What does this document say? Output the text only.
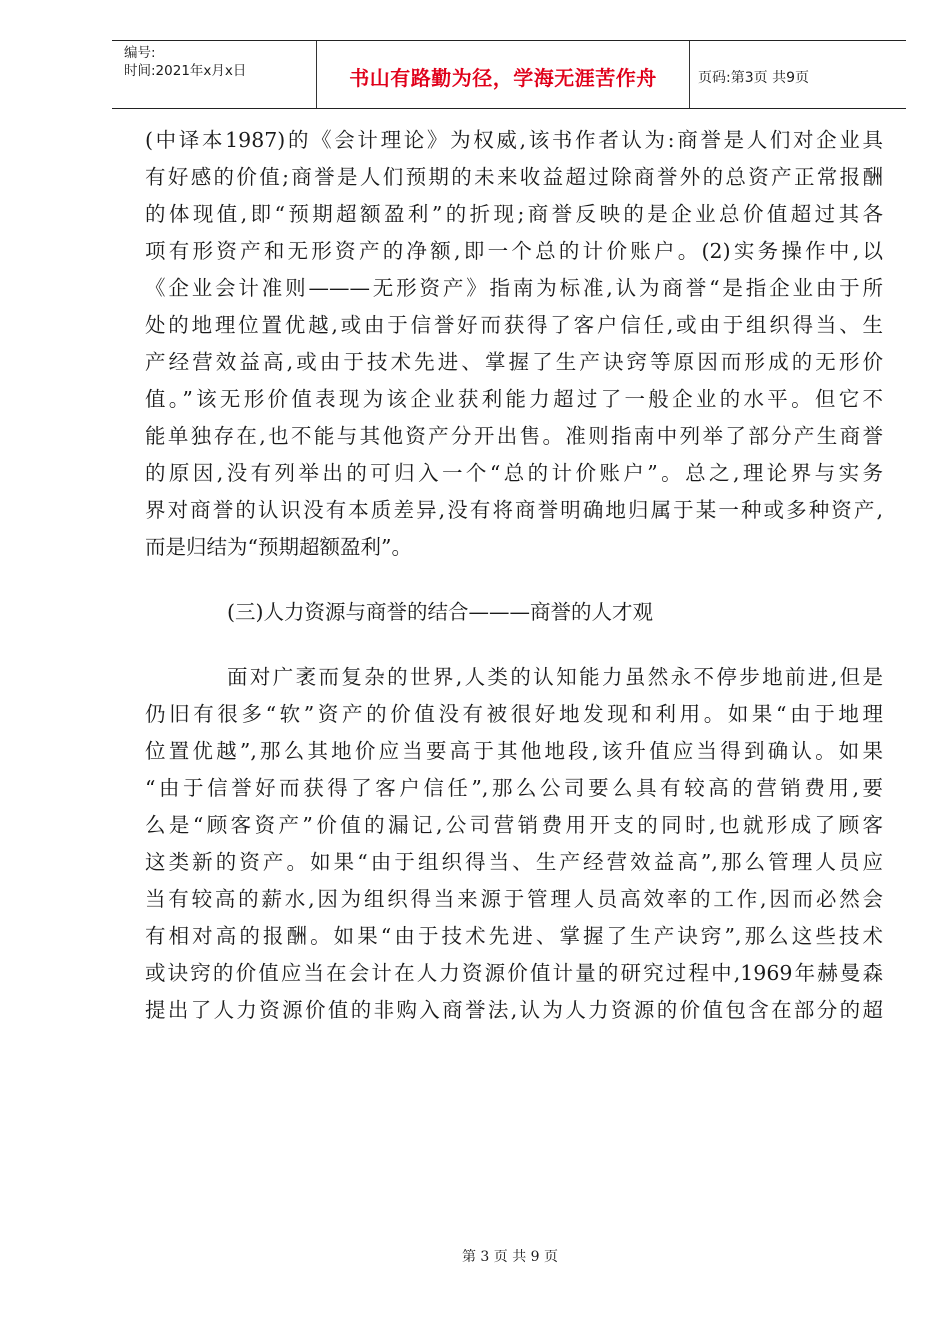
编号:
时间:2021年x月x日	书山有路勤为径，学海无涯苦作舟	页码:第3页 共9页
(中译本1987)的《会计理论》为权威,该书作者认为:商誉是人们对企业具
有好感的价值;商誉是人们预期的未来收益超过除商誉外的总资产正常报酬
的体现值,即“预期超额盈利”的折现;商誉反映的是企业总价值超过其各
项有形资产和无形资产的净额,即一个总的计价账户。(2)实务操作中,以
《企业会计准则———无形资产》指南为标准,认为商誉“是指企业由于所
处的地理位置优越,或由于信誉好而获得了客户信任,或由于组织得当、生
产经营效益高,或由于技术先进、掌握了生产诀窍等原因而形成的无形价
值。”该无形价值表现为该企业获利能力超过了一般企业的水平。但它不
能单独存在,也不能与其他资产分开出售。准则指南中列举了部分产生商誉
的原因,没有列举出的可归入一个“总的计价账户”。总之,理论界与实务
界对商誉的认识没有本质差异,没有将商誉明确地归属于某一种或多种资产,
而是归结为“预期超额盈利”。
(三)人力资源与商誉的结合———商誉的人才观
面对广袤而复杂的世界,人类的认知能力虽然永不停步地前进,但是
仍旧有很多“软”资产的价值没有被很好地发现和利用。如果“由于地理
位置优越”,那么其地价应当要高于其他地段,该升值应当得到确认。如果
“由于信誉好而获得了客户信任”,那么公司要么具有较高的营销费用,要
么是“顾客资产”价值的漏记,公司营销费用开支的同时,也就形成了顾客
这类新的资产。如果“由于组织得当、生产经营效益高”,那么管理人员应
当有较高的薪水,因为组织得当来源于管理人员高效率的工作,因而必然会
有相对高的报酬。如果“由于技术先进、掌握了生产诀窍”,那么这些技术
或诀窍的价值应当在会计在人力资源价值计量的研究过程中,1969年赫曼森
提出了人力资源价值的非购入商誉法,认为人力资源的价值包含在部分的超
第 3 页 共 9 页
